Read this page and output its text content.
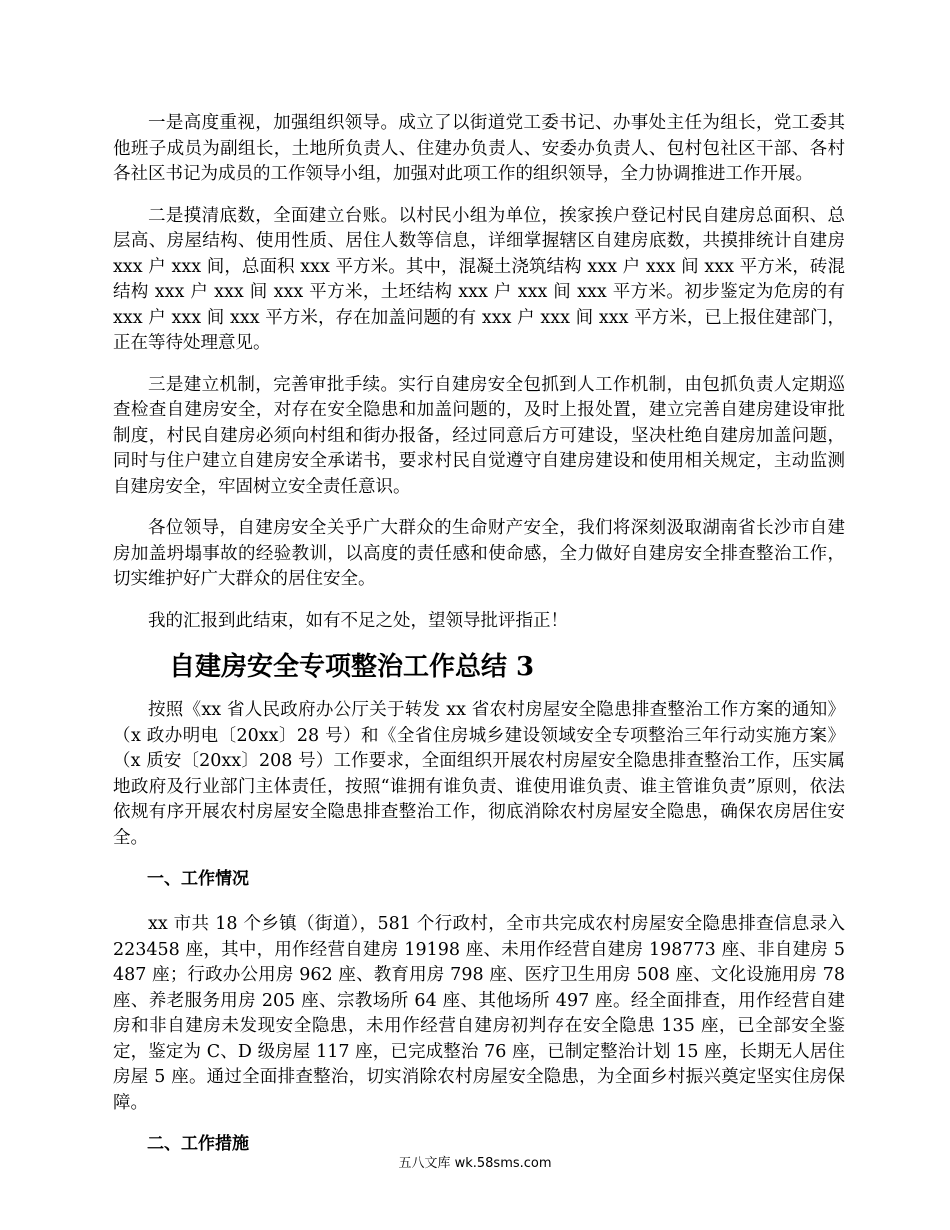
一是高度重视，加强组织领导。成立了以街道党工委书记、办事处主任为组长，党工委其他班子成员为副组长，土地所负责人、住建办负责人、安委办负责人、包村包社区干部、各村各社区书记为成员的工作领导小组，加强对此项工作的组织领导，全力协调推进工作开展。

二是摸清底数，全面建立台账。以村民小组为单位，挨家挨户登记村民自建房总面积、总层高、房屋结构、使用性质、居住人数等信息，详细掌握辖区自建房底数，共摸排统计自建房 xxx 户 xxx 间，总面积 xxx 平方米。其中，混凝土浇筑结构 xxx 户 xxx 间 xxx 平方米，砖混结构 xxx 户 xxx 间 xxx 平方米，土坯结构 xxx 户 xxx 间 xxx 平方米。初步鉴定为危房的有 xxx 户 xxx 间 xxx 平方米，存在加盖问题的有 xxx 户 xxx 间 xxx 平方米，已上报住建部门，正在等待处理意见。

三是建立机制，完善审批手续。实行自建房安全包抓到人工作机制，由包抓负责人定期巡查检查自建房安全，对存在安全隐患和加盖问题的，及时上报处置，建立完善自建房建设审批制度，村民自建房必须向村组和街办报备，经过同意后方可建设，坚决杜绝自建房加盖问题，同时与住户建立自建房安全承诺书，要求村民自觉遵守自建房建设和使用相关规定，主动监测自建房安全，牢固树立安全责任意识。

各位领导，自建房安全关乎广大群众的生命财产安全，我们将深刻汲取湖南省长沙市自建房加盖坍塌事故的经验教训，以高度的责任感和使命感，全力做好自建房安全排查整治工作，切实维护好广大群众的居住安全。

我的汇报到此结束，如有不足之处，望领导批评指正！

自建房安全专项整治工作总结 3

按照《xx 省人民政府办公厅关于转发 xx 省农村房屋安全隐患排查整治工作方案的通知》（x 政办明电〔20xx〕28 号）和《全省住房城乡建设领域安全专项整治三年行动实施方案》（x 质安〔20xx〕208 号）工作要求，全面组织开展农村房屋安全隐患排查整治工作，压实属地政府及行业部门主体责任，按照“谁拥有谁负责、谁使用谁负责、谁主管谁负责”原则，依法依规有序开展农村房屋安全隐患排查整治工作，彻底消除农村房屋安全隐患，确保农房居住安全。

一、工作情况

xx 市共 18 个乡镇（街道），581 个行政村，全市共完成农村房屋安全隐患排查信息录入 223458 座，其中，用作经营自建房 19198 座、未用作经营自建房 198773 座、非自建房 5487 座；行政办公用房 962 座、教育用房 798 座、医疗卫生用房 508 座、文化设施用房 78 座、养老服务用房 205 座、宗教场所 64 座、其他场所 497 座。经全面排查，用作经营自建房和非自建房未发现安全隐患，未用作经营自建房初判存在安全隐患 135 座，已全部安全鉴定，鉴定为 C、D 级房屋 117 座，已完成整治 76 座，已制定整治计划 15 座，长期无人居住房屋 5 座。通过全面排查整治，切实消除农村房屋安全隐患，为全面乡村振兴奠定坚实住房保障。

二、工作措施
五八文库 wk.58sms.com
